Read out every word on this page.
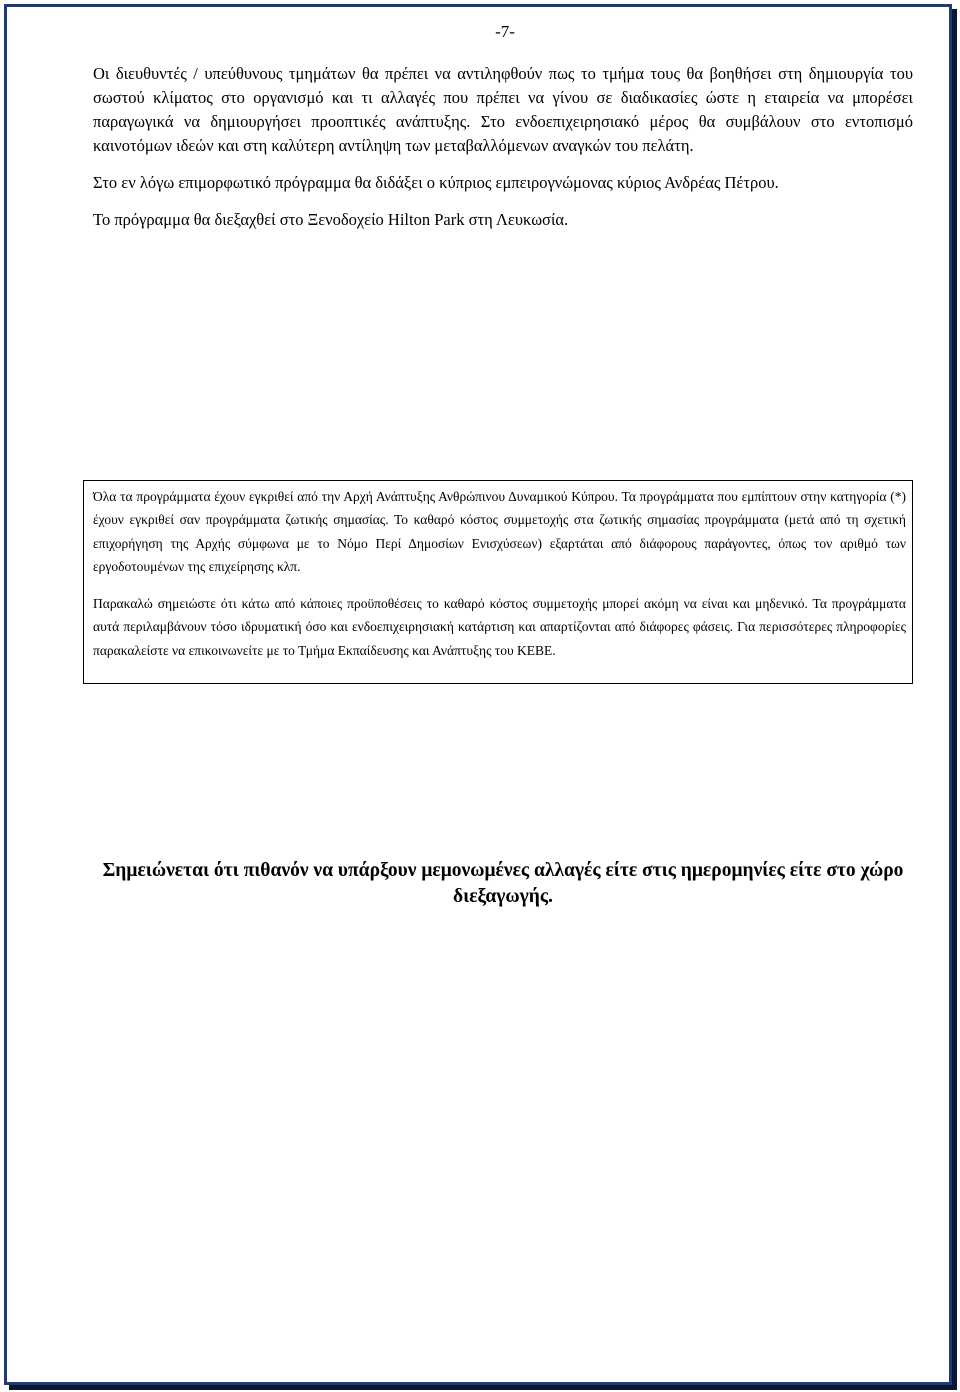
-7-

Οι διευθυντές / υπεύθυνους τμημάτων θα πρέπει να αντιληφθούν πως το τμήμα τους θα βοηθήσει στη δημιουργία του σωστού κλίματος στο οργανισμό και τι αλλαγές που πρέπει να γίνου σε διαδικασίες ώστε η εταιρεία να μπορέσει παραγωγικά να δημιουργήσει προοπτικές ανάπτυξης. Στο ενδοεπιχειρησιακό μέρος θα συμβάλουν στο εντοπισμό καινοτόμων ιδεών και στη καλύτερη αντίληψη των μεταβαλλόμενων αναγκών του πελάτη.

Στο εν λόγω επιμορφωτικό πρόγραμμα θα διδάξει ο κύπριος εμπειρογνώμονας κύριος Ανδρέας Πέτρου.

Το πρόγραμμα θα διεξαχθεί στο Ξενοδοχείο Hilton Park στη Λευκωσία.

Όλα τα προγράμματα έχουν εγκριθεί από την Αρχή Ανάπτυξης Ανθρώπινου Δυναμικού Κύπρου. Τα προγράμματα που εμπίπτουν στην κατηγορία (*) έχουν εγκριθεί σαν προγράμματα ζωτικής σημασίας. Το καθαρό κόστος συμμετοχής στα ζωτικής σημασίας προγράμματα (μετά από τη σχετική επιχορήγηση της Αρχής σύμφωνα με το Νόμο Περί Δημοσίων Ενισχύσεων) εξαρτάται από διάφορους παράγοντες, όπως τον αριθμό των εργοδοτουμένων της επιχείρησης κλπ.

Παρακαλώ σημειώστε ότι κάτω από κάποιες προϋποθέσεις το καθαρό κόστος συμμετοχής μπορεί ακόμη να είναι και μηδενικό. Τα προγράμματα αυτά περιλαμβάνουν τόσο ιδρυματική όσο και ενδοεπιχειρησιακή κατάρτιση και απαρτίζονται από διάφορες φάσεις. Για περισσότερες πληροφορίες παρακαλείστε να επικοινωνείτε με το Τμήμα Εκπαίδευσης και Ανάπτυξης του ΚΕΒΕ.

Σημειώνεται ότι πιθανόν να υπάρξουν μεμονωμένες αλλαγές είτε στις ημερομηνίες είτε στο χώρο διεξαγωγής.
